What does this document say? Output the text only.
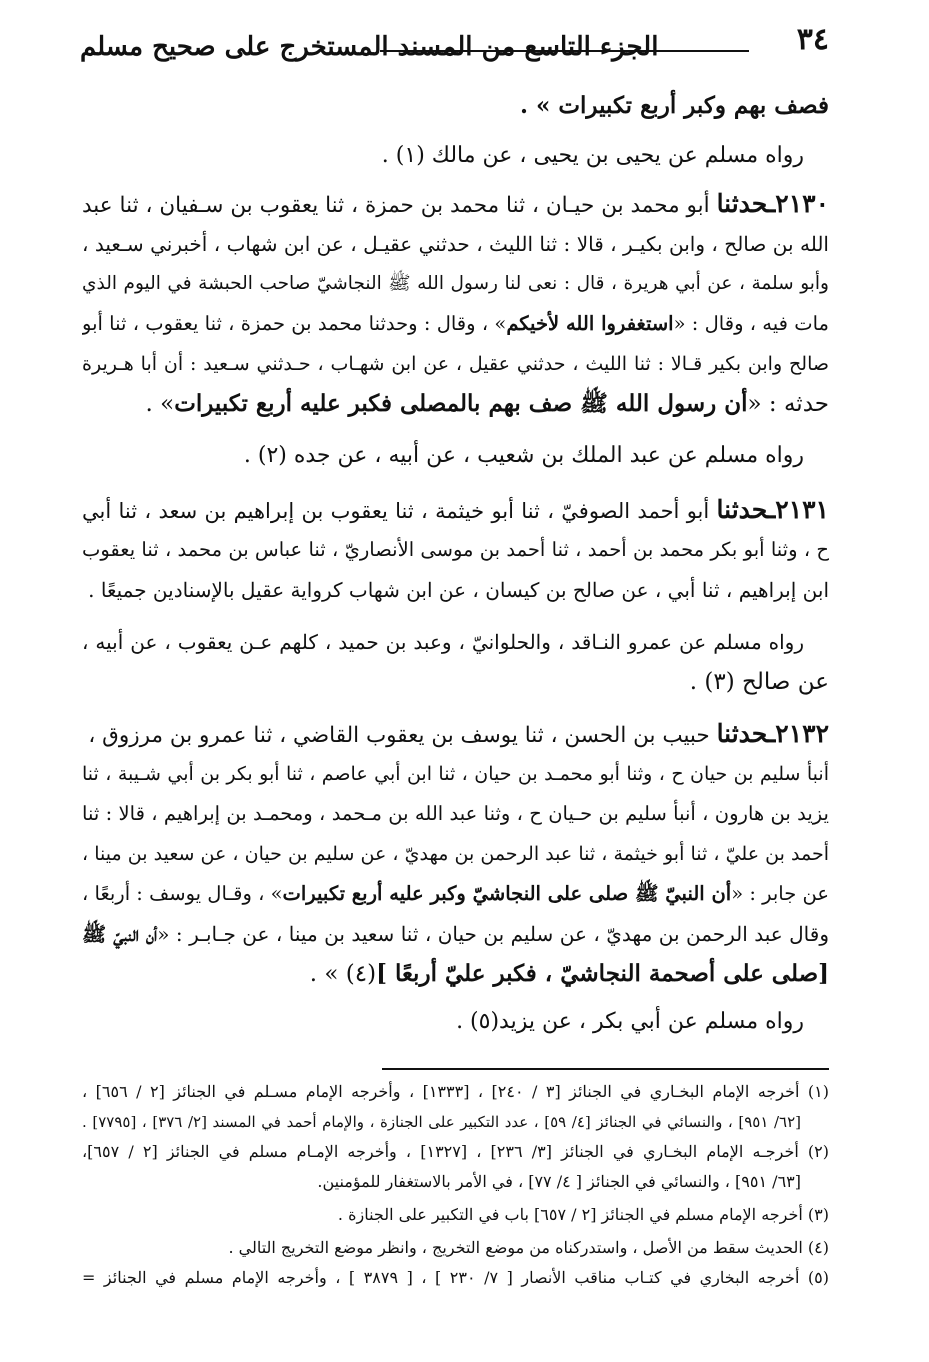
٣٤
الجزء التاسع من المسند المستخرج على صحيح مسلم
فصف بهم وكبر أربع تكبيرات » .
رواه مسلم عن يحيى بن يحيى ، عن مالك (١) .
٢١٣٠ـحدثنا أبو محمد بن حيـان ، ثنا محمد بن حمزة ، ثنا يعقوب بن سـفيان ، ثنا عبد
الله بن صالح ، وابن بكيـر ، قالا : ثنا الليث ، حدثني عقيـل ، عن ابن شهاب ، أخبرني سـعيد ،
وأبو سلمة ، عن أبي هريرة ، قال : نعى لنا رسول الله ﷺ النجاشيّ صاحب الحبشة في اليوم الذي
مات فيه ، وقال : «استغفروا الله لأخيكم» ، وقال : وحدثنا محمد بن حمزة ، ثنا يعقوب ، ثنا أبو
صالح وابن بكير قـالا : ثنا الليث ، حدثني عقيل ، عن ابن شهـاب ، حـدثني سـعيد : أن أبا هـريرة
حدثه : «أن رسول الله ﷺ صف بهم بالمصلى فكبر عليه أربع تكبيرات» .
رواه مسلم عن عبد الملك بن شعيب ، عن أبيه ، عن جده (٢) .
٢١٣١ـحدثنا أبو أحمد الصوفيّ ، ثنا أبو خيثمة ، ثنا يعقوب بن إبراهيم بن سعد ، ثنا أبي
ح ، وثنا أبو بكر محمد بن أحمد ، ثنا أحمد بن موسى الأنصاريّ ، ثنا عباس بن محمد ، ثنا يعقوب
ابن إبراهيم ، ثنا أبي ، عن صالح بن كيسان ، عن ابن شهاب كرواية عقيل بالإسنادين جميعًا .
رواه مسلم عن عمرو النـاقد ، والحلوانيّ ، وعبد بن حميد ، كلهم عـن يعقوب ، عن أبيه ،
عن صالح (٣) .
٢١٣٢ـحدثنا حبيب بن الحسن ، ثنا يوسف بن يعقوب القاضي ، ثنا عمرو بن مرزوق ،
أنبأ سليم بن حيان ح ، وثنا أبو محمـد بن حيان ، ثنا ابن أبي عاصم ، ثنا أبو بكر بن أبي شـيبة ، ثنا
يزيد بن هارون ، أنبأ سليم بن حـيان ح ، وثنا عبد الله بن مـحمد ، ومحمـد بن إبراهيم ، قالا : ثنا
أحمد بن عليّ ، ثنا أبو خيثمة ، ثنا عبد الرحمن بن مهديّ ، عن سليم بن حيان ، عن سعيد بن مينا ،
عن جابر : «أن النبيّ ﷺ صلى على النجاشيّ وكبر عليه أربع تكبيرات» ، وقـال يوسف : أربعًا ،
وقال عبد الرحمن بن مهديّ ، عن سليم بن حيان ، ثنا سعيد بن مينا ، عن جـابـر : «أن النبيّ ﷺ
[صلى على أصحمة النجاشيّ ، فكبر عليّ أربعًا ](٤) » .
رواه مسلم عن أبي بكر ، عن يزيد(٥) .
(١) أخرجه الإمام البخـاري في الجنائز [٣ / ٢٤٠] ، [١٣٣٣] ، وأخرجه الإمام مسـلم في الجنائز [٢ / ٦٥٦] ،
[٦٢/ ٩٥١] ، والنسائي في الجنائز [٤/ ٥٩] ، عدد التكبير على الجنازة ، والإمام أحمد في المسند [٢/ ٣٧٦] ، [٧٧٩٥] .
(٢) أخرجـه الإمام البخـاري في الجنائز [٣/ ٢٣٦] ، [١٣٢٧] ، وأخرجه الإمـام مسلم في الجنائز [٢ / ٦٥٧]،
[٦٣/ ٩٥١] ، والنسائي في الجنائز [ ٤/ ٧٧] ، في الأمر بالاستغفار للمؤمنين.
(٣) أخرجه الإمام مسلم في الجنائز [٢ / ٦٥٧] باب في التكبير على الجنازة .
(٤) الحديث سقط من الأصل ، واستدركناه من موضع التخريج ، وانظر موضع التخريج التالي .
(٥) أخرجه البخاري في كتـاب مناقب الأنصار [ ٧/ ٢٣٠ ] ، [ ٣٨٧٩ ] ، وأخرجه الإمام مسلم في الجنائز =
